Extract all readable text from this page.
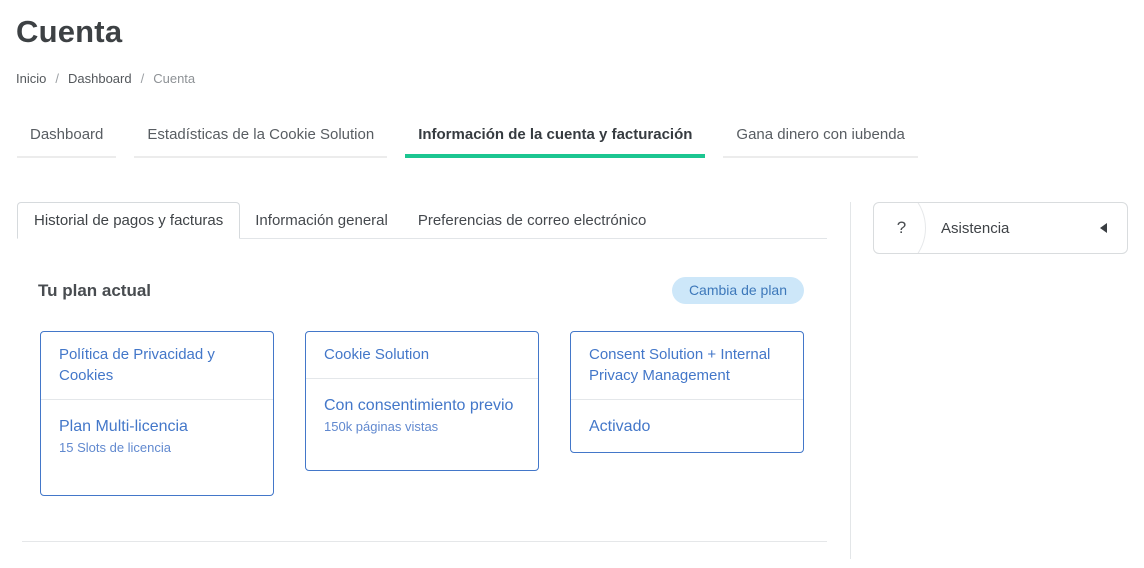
Cuenta
Inicio / Dashboard / Cuenta
Dashboard	Estadísticas de la Cookie Solution	Información de la cuenta y facturación	Gana dinero con iubenda
Historial de pagos y facturas	Información general	Preferencias de correo electrónico
Tu plan actual	Cambia de plan
Política de Privacidad y Cookies
Plan Multi-licencia
15 Slots de licencia
Cookie Solution
Con consentimiento previo
150k páginas vistas
Consent Solution + Internal Privacy Management
Activado
?	Asistencia
